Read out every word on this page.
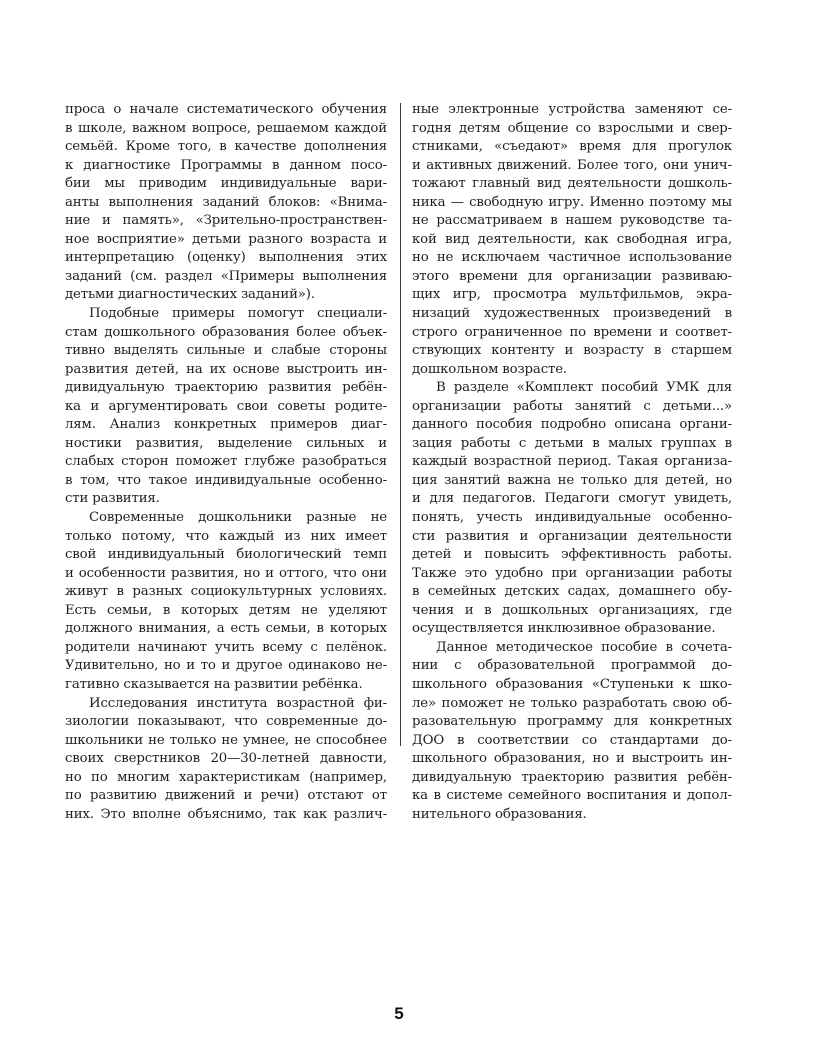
проса о начале систематического обучения
в школе, важном вопросе, решаемом каждой
семьёй. Кроме того, в качестве дополнения
к диагностике Программы в данном посо-
бии мы приводим индивидуальные вари-
анты выполнения заданий блоков: «Внима-
ние и память», «Зрительно-пространствен-
ное восприятие» детьми разного возраста и
интерпретацию (оценку) выполнения этих
заданий (см. раздел «Примеры выполнения
детьми диагностических заданий»).
Подобные примеры помогут специали-
стам дошкольного образования более объек-
тивно выделять сильные и слабые стороны
развития детей, на их основе выстроить ин-
дивидуальную траекторию развития ребён-
ка и аргументировать свои советы родите-
лям. Анализ конкретных примеров диаг-
ностики развития, выделение сильных и
слабых сторон поможет глубже разобраться
в том, что такое индивидуальные особенно-
сти развития.
Современные дошкольники разные не
только потому, что каждый из них имеет
свой индивидуальный биологический темп
и особенности развития, но и оттого, что они
живут в разных социокультурных условиях.
Есть семьи, в которых детям не уделяют
должного внимания, а есть семьи, в которых
родители начинают учить всему с пелёнок.
Удивительно, но и то и другое одинаково не-
гативно сказывается на развитии ребёнка.
Исследования института возрастной фи-
зиологии показывают, что современные до-
школьники не только не умнее, не способнее
своих сверстников 20—30-летней давности,
но по многим характеристикам (например,
по развитию движений и речи) отстают от
них. Это вполне объяснимо, так как различ-
ные электронные устройства заменяют се-
годня детям общение со взрослыми и свер-
стниками, «съедают» время для прогулок
и активных движений. Более того, они унич-
тожают главный вид деятельности дошколь-
ника — свободную игру. Именно поэтому мы
не рассматриваем в нашем руководстве та-
кой вид деятельности, как свободная игра,
но не исключаем частичное использование
этого времени для организации развиваю-
щих игр, просмотра мультфильмов, экра-
низаций художественных произведений в
строго ограниченное по времени и соответ-
ствующих контенту и возрасту в старшем
дошкольном возрасте.
В разделе «Комплект пособий УМК для
организации работы занятий с детьми...»
данного пособия подробно описана органи-
зация работы с детьми в малых группах в
каждый возрастной период. Такая организа-
ция занятий важна не только для детей, но
и для педагогов. Педагоги смогут увидеть,
понять, учесть индивидуальные особенно-
сти развития и организации деятельности
детей и повысить эффективность работы.
Также это удобно при организации работы
в семейных детских садах, домашнего обу-
чения и в дошкольных организациях, где
осуществляется инклюзивное образование.
Данное методическое пособие в сочета-
нии с образовательной программой до-
школьного образования «Ступеньки к шко-
ле» поможет не только разработать свою об-
разовательную программу для конкретных
ДОО в соответствии со стандартами до-
школьного образования, но и выстроить ин-
дивидуальную траекторию развития ребён-
ка в системе семейного воспитания и допол-
нительного образования.
5
